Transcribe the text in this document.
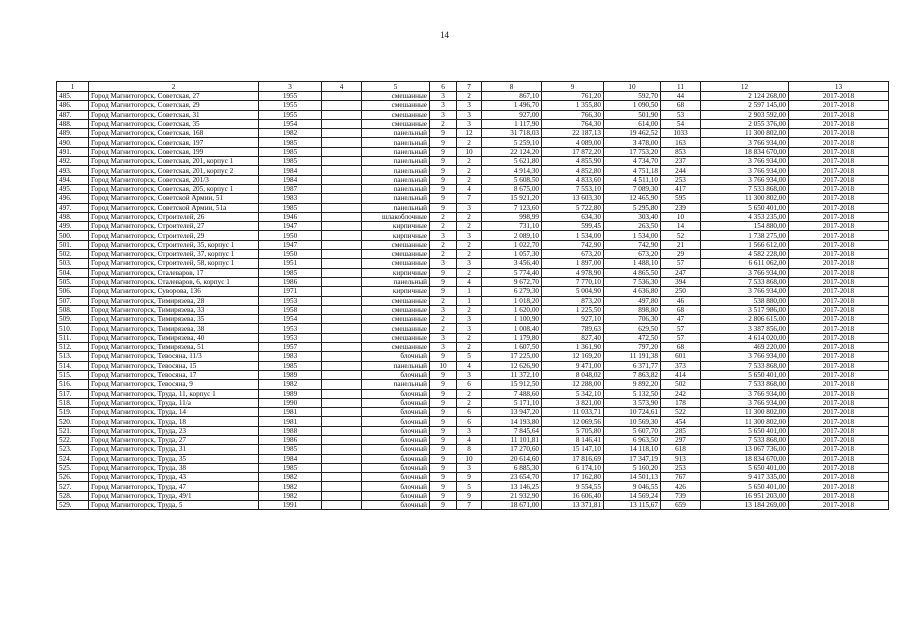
14
1	2	3	4	5	6	7	8	9	10	11	12	13
485.	Город Магнитогорск, Советская, 27	1955		смешанные	3	2	867,10	761,20	592,70	44	2 124 268,00	2017-2018
486.	Город Магнитогорск, Советская, 29	1955		смешанные	3	3	1 496,70	1 355,80	1 090,50	68	2 597 145,00	2017-2018
487.	Город Магнитогорск, Советская, 31	1955		смешанные	3	3	927,00	766,30	501,90	53	2 903 592,00	2017-2018
488.	Город Магнитогорск, Советская, 35	1954		смешанные	2	3	1 117,90	764,30	614,00	54	2 055 376,00	2017-2018
489.	Город Магнитогорск, Советская, 168	1982		панельный	9	12	31 718,03	22 187,13	19 462,52	1033	11 300 802,00	2017-2018
490.	Город Магнитогорск, Советская, 197	1985		панельный	9	2	5 259,10	4 089,00	3 478,00	163	3 766 934,00	2017-2018
491.	Город Магнитогорск, Советская, 199	1985		панельный	9	10	22 124,20	17 872,20	17 753,20	853	18 834 670,00	2017-2018
492.	Город Магнитогорск, Советская, 201, корпус 1	1985		панельный	9	2	5 621,80	4 855,90	4 734,70	237	3 766 934,00	2017-2018
493.	Город Магнитогорск, Советская, 201, корпус 2	1984		панельный	9	2	4 914,30	4 852,80	4 751,18	244	3 766 934,00	2017-2018
494.	Город Магнитогорск, Советская, 201/3	1984		панельный	9	2	5 608,50	4 833,60	4 511,10	253	3 766 934,00	2017-2018
495.	Город Магнитогорск, Советская, 205, корпус 1	1987		панельный	9	4	8 675,00	7 553,10	7 089,30	417	7 533 868,00	2017-2018
496.	Город Магнитогорск, Советской Армии, 51	1983		панельный	9	7	15 921,20	13 603,30	12 465,90	595	11 300 802,00	2017-2018
497.	Город Магнитогорск, Советской Армии, 51а	1985		панельный	9	3	7 123,60	5 722,80	5 295,80	239	5 650 401,00	2017-2018
498.	Город Магнитогорск, Строителей, 26	1946		шлакоблочные	2	2	998,99	634,30	303,40	10	4 353 235,00	2017-2018
499.	Город Магнитогорск, Строителей, 27	1947		кирпичные	2	2	731,10	599,45	263,50	14	154 880,00	2017-2018
500.	Город Магнитогорск, Строителей, 29	1950		кирпичные	3	3	2 089,10	1 534,00	1 534,00	52	1 738 275,00	2017-2018
501.	Город Магнитогорск, Строителей, 35, корпус 1	1947		смешанные	2	2	1 022,70	742,90	742,90	21	1 566 612,00	2017-2018
502.	Город Магнитогорск, Строителей, 37, корпус 1	1950		смешанные	2	2	1 057,30	673,20	673,20	29	4 582 228,00	2017-2018
503.	Город Магнитогорск, Строителей, 58, корпус 1	1951		смешанные	3	3	3 456,40	1 897,00	1 488,10	57	6 611 062,00	2017-2018
504.	Город Магнитогорск, Сталеваров, 17	1985		кирпичные	9	2	5 774,40	4 978,90	4 865,50	247	3 766 934,00	2017-2018
505.	Город Магнитогорск, Сталеваров, 6, корпус 1	1986		панельный	9	4	9 672,70	7 770,10	7 536,30	394	7 533 868,00	2017-2018
506.	Город Магнитогорск, Суворова, 136	1971		кирпичные	9	1	6 279,30	5 004,90	4 636,80	250	3 766 934,00	2017-2018
507.	Город Магнитогорск, Тимирязева, 28	1953		смешанные	2	1	1 018,20	873,20	497,80	46	538 880,00	2017-2018
508.	Город Магнитогорск, Тимирязева, 33	1958		смешанные	3	2	1 620,00	1 225,50	898,80	68	3 517 986,00	2017-2018
509.	Город Магнитогорск, Тимирязева, 35	1954		смешанные	2	3	1 100,90	927,10	706,30	47	2 806 615,00	2017-2018
510.	Город Магнитогорск, Тимирязева, 38	1953		смешанные	2	3	1 008,40	789,63	629,50	57	3 387 856,00	2017-2018
511.	Город Магнитогорск, Тимирязева, 40	1953		смешанные	3	2	1 179,80	827,40	472,50	57	4 614 020,00	2017-2018
512.	Город Магнитогорск, Тимирязева, 51	1957		смешанные	3	2	1 607,50	1 361,90	797,20	68	469 220,00	2017-2018
513.	Город Магнитогорск, Тевосяна, 11/3	1983		блочный	9	5	17 225,00	12 169,20	11 191,38	601	3 766 934,00	2017-2018
514.	Город Магнитогорск, Тевосяна, 15	1985		панельный	10	4	12 626,90	9 471,00	6 371,77	373	7 533 868,00	2017-2018
515.	Город Магнитогорск, Тевосяна, 17	1989		блочный	9	3	11 372,10	8 048,02	7 863,82	414	5 650 401,00	2017-2018
516.	Город Магнитогорск, Тевосяна, 9	1982		панельный	9	6	15 912,50	12 288,00	9 892,20	502	7 533 868,00	2017-2018
517.	Город Магнитогорск, Труда, 11, корпус 1	1989		блочный	9	2	7 488,60	5 342,10	5 132,50	242	3 766 934,00	2017-2018
518.	Город Магнитогорск, Труда, 11/а	1990		блочный	9	2	5 171,10	3 821,00	3 573,90	178	3 766 934,00	2017-2018
519.	Город Магнитогорск, Труда, 14	1981		блочный	9	6	13 947,20	11 033,71	10 724,61	522	11 300 802,00	2017-2018
520.	Город Магнитогорск, Труда, 18	1981		блочный	9	6	14 193,80	12 069,56	10 569,30	454	11 300 802,00	2017-2018
521.	Город Магнитогорск, Труда, 23	1988		блочный	9	3	7 845,64	5 705,80	5 607,70	285	5 650 401,00	2017-2018
522.	Город Магнитогорск, Труда, 27	1986		блочный	9	4	11 101,81	8 146,41	6 963,50	297	7 533 868,00	2017-2018
523.	Город Магнитогорск, Труда, 31	1985		блочный	9	8	17 270,60	15 147,10	14 118,10	618	13 067 736,00	2017-2018
524.	Город Магнитогорск, Труда, 35	1984		блочный	9	10	20 614,60	17 816,69	17 347,19	913	18 834 670,00	2017-2018
525.	Город Магнитогорск, Труда, 38	1985		блочный	9	3	6 885,30	6 174,10	5 160,20	253	5 650 401,00	2017-2018
526.	Город Магнитогорск, Труда, 43	1982		блочный	9	9	23 654,70	17 162,80	14 501,13	767	9 417 335,00	2017-2018
527.	Город Магнитогорск, Труда, 47	1982		блочный	9	5	13 146,25	9 554,55	9 046,55	426	5 650 401,00	2017-2018
528.	Город Магнитогорск, Труда, 49/1	1982		блочный	9	9	21 932,90	16 606,40	14 569,24	739	16 951 203,00	2017-2018
529.	Город Магнитогорск, Труда, 5	1991		блочный	9	7	18 671,00	13 371,81	13 115,67	659	13 184 269,00	2017-2018
